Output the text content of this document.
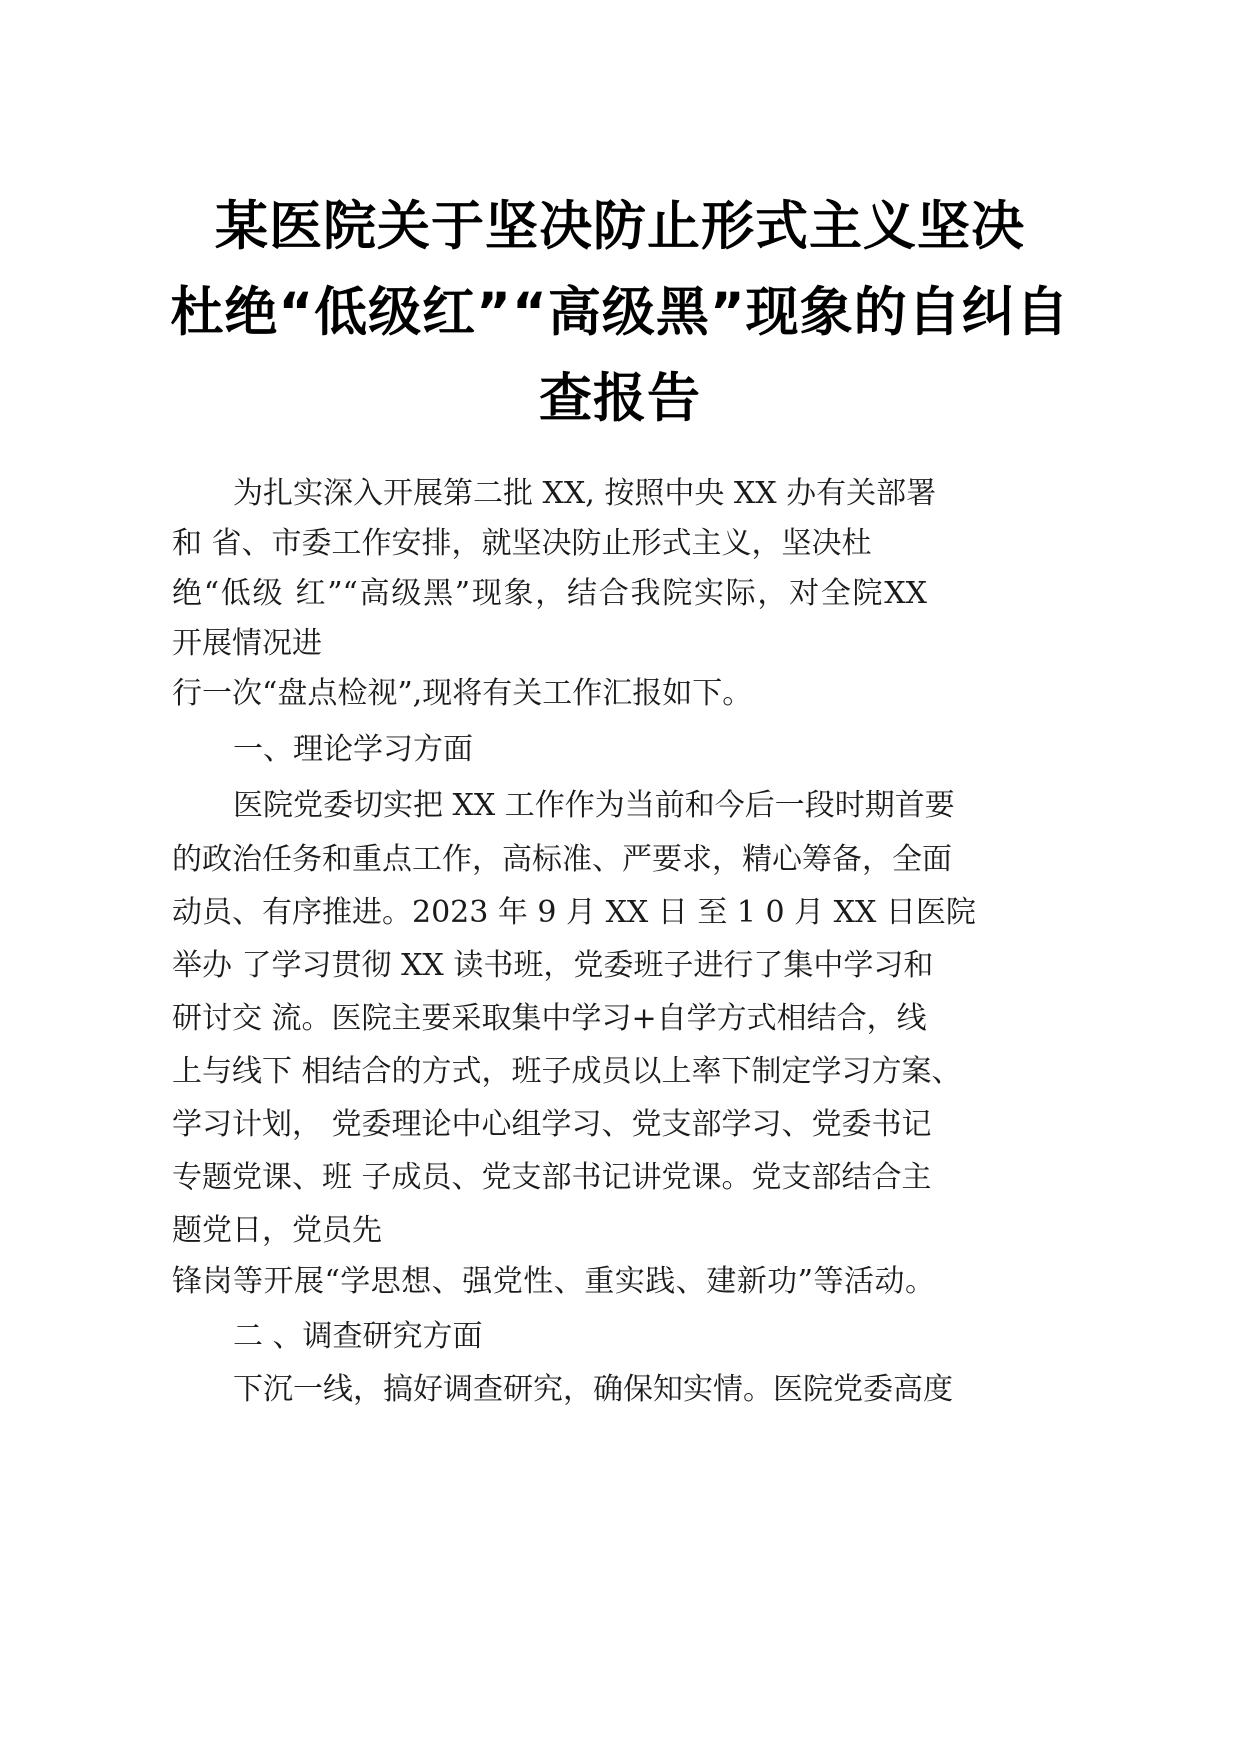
某医院关于坚决防止形式主义坚决
杜绝“低级红”“高级黑”现象的自纠自
查报告
为扎实深入开展第二批 XX, 按照中央 XX 办有关部署
和 省、市委工作安排，就坚决防止形式主义，坚决杜
绝“低级 红”“高级黑”现象，结合我院实际，对全院XX
开展情况进
行一次“盘点检视”,现将有关工作汇报如下。
一、理论学习方面
医院党委切实把 XX 工作作为当前和今后一段时期首要
的政治任务和重点工作，高标准、严要求，精心筹备，全面
动员、有序推进。2023 年 9 月 XX 日 至 1 0 月 XX 日医院
举办 了学习贯彻 XX 读书班，党委班子进行了集中学习和
研讨交 流。医院主要采取集中学习+自学方式相结合，线
上与线下 相结合的方式，班子成员以上率下制定学习方案、
学习计划， 党委理论中心组学习、党支部学习、党委书记
专题党课、班 子成员、党支部书记讲党课。党支部结合主
题党日，党员先
锋岗等开展“学思想、强党性、重实践、建新功”等活动。
二 、调查研究方面
下沉一线，搞好调查研究，确保知实情。医院党委高度
